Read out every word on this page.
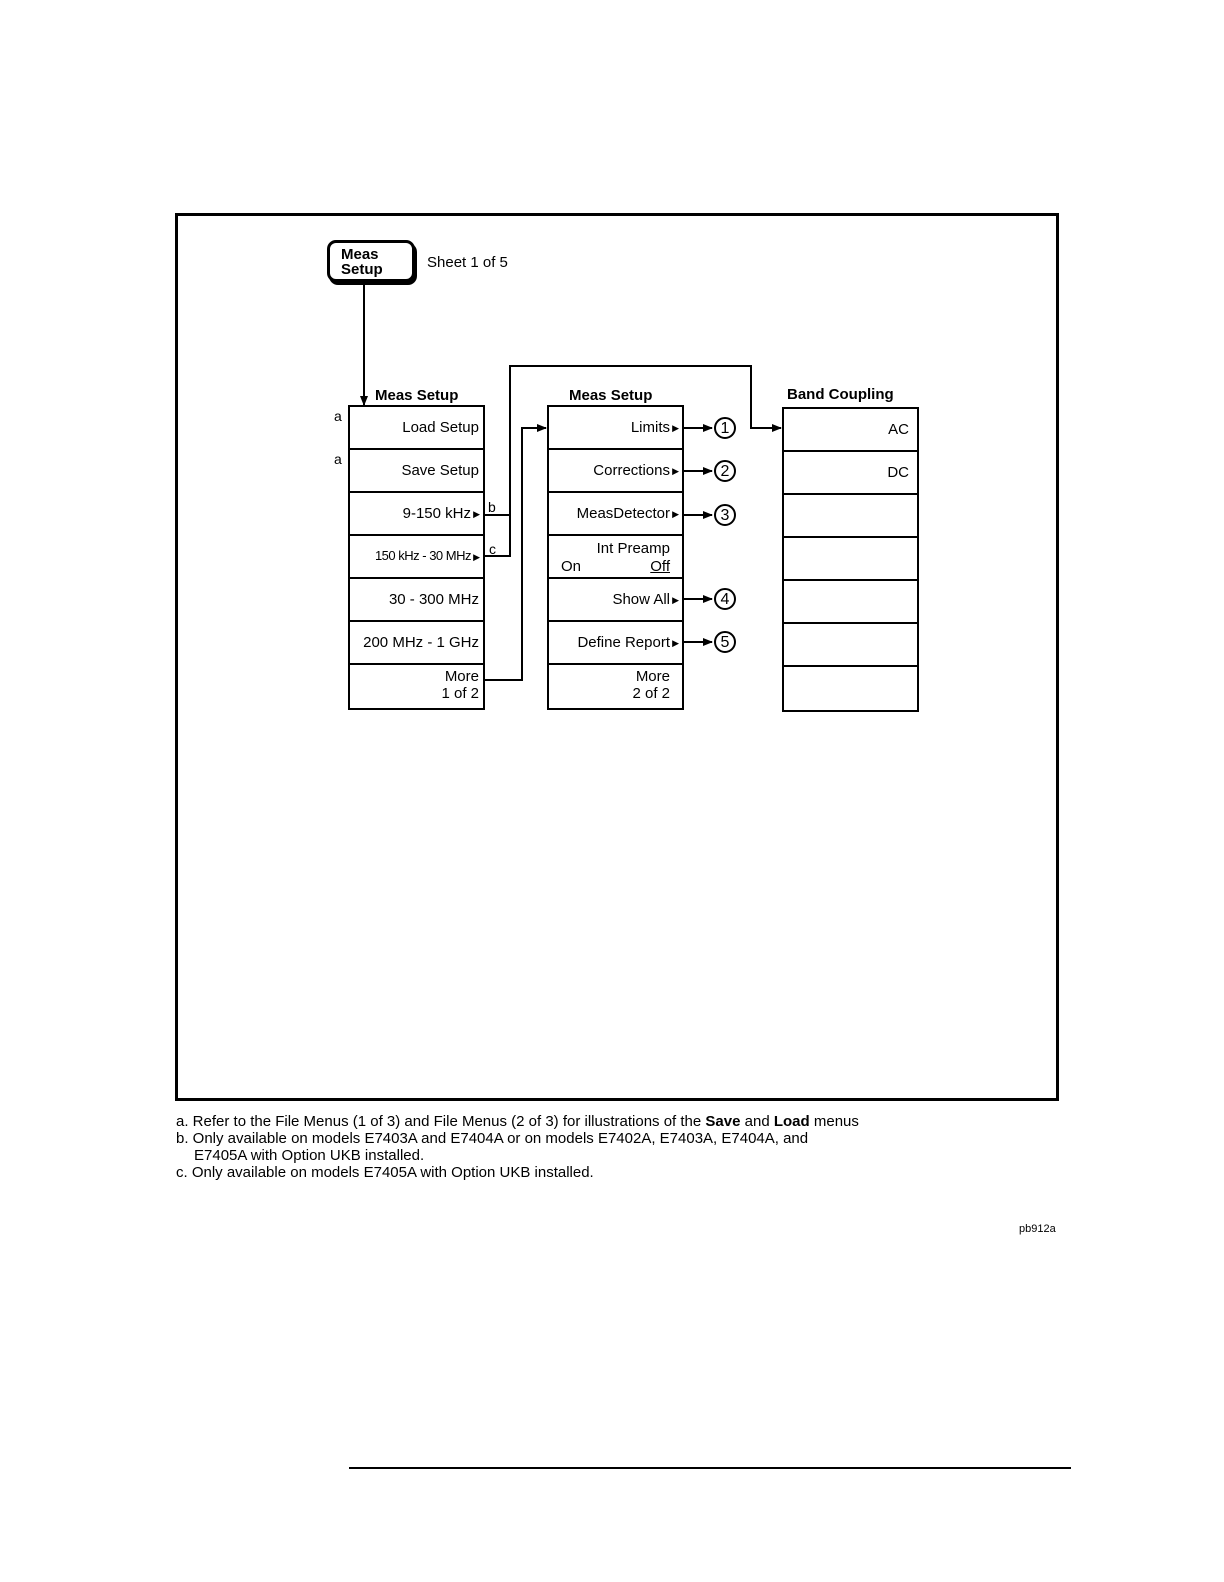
Meas
Setup	Sheet 1 of 5
Meas Setup
a
a
b
c
Load Setup
Save Setup
9-150 kHz ▶
150 kHz - 30 MHz ▶
30 - 300 MHz
200 MHz - 1 GHz
More
1 of 2
Meas Setup
Limits ▶
Corrections ▶
MeasDetector ▶
Int Preamp
On	Off
Show All ▶
Define Report ▶
More
2 of 2
1
2
3
4
5
Band Coupling
AC
DC
a. Refer to the File Menus (1 of 3) and File Menus (2 of 3) for illustrations of the Save and Load menus
b. Only available on models E7403A and E7404A or on models E7402A, E7403A, E7404A, and
E7405A with Option UKB installed.
c. Only available on models E7405A with Option UKB installed.
pb912a
